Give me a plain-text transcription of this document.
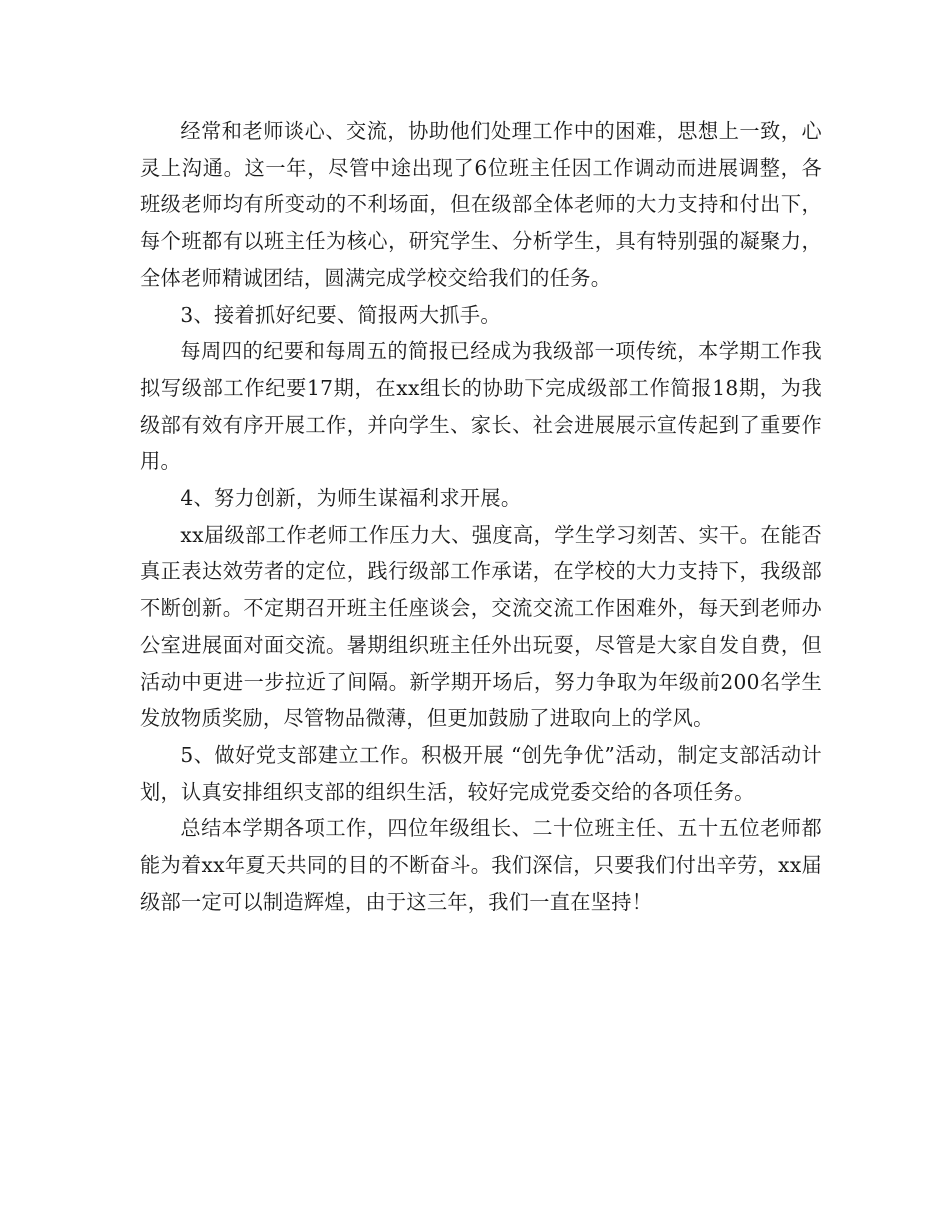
经常和老师谈心、交流，协助他们处理工作中的困难，思想上一致，心灵上沟通。这一年，尽管中途出现了6位班主任因工作调动而进展调整，各班级老师均有所变动的不利场面，但在级部全体老师的大力支持和付出下，每个班都有以班主任为核心，研究学生、分析学生，具有特别强的凝聚力，全体老师精诚团结，圆满完成学校交给我们的任务。

3、接着抓好纪要、简报两大抓手。

每周四的纪要和每周五的简报已经成为我级部一项传统，本学期工作我拟写级部工作纪要17期，在xx组长的协助下完成级部工作简报18期，为我级部有效有序开展工作，并向学生、家长、社会进展展示宣传起到了重要作用。

4、努力创新，为师生谋福利求开展。

xx届级部工作老师工作压力大、强度高，学生学习刻苦、实干。在能否真正表达效劳者的定位，践行级部工作承诺，在学校的大力支持下，我级部不断创新。不定期召开班主任座谈会，交流交流工作困难外，每天到老师办公室进展面对面交流。暑期组织班主任外出玩耍，尽管是大家自发自费，但活动中更进一步拉近了间隔。新学期开场后，努力争取为年级前200名学生发放物质奖励，尽管物品微薄，但更加鼓励了进取向上的学风。

5、做好党支部建立工作。积极开展 “创先争优”活动，制定支部活动计划，认真安排组织支部的组织生活，较好完成党委交给的各项任务。

总结本学期各项工作，四位年级组长、二十位班主任、五十五位老师都能为着xx年夏天共同的目的不断奋斗。我们深信，只要我们付出辛劳，xx届级部一定可以制造辉煌，由于这三年，我们一直在坚持！
